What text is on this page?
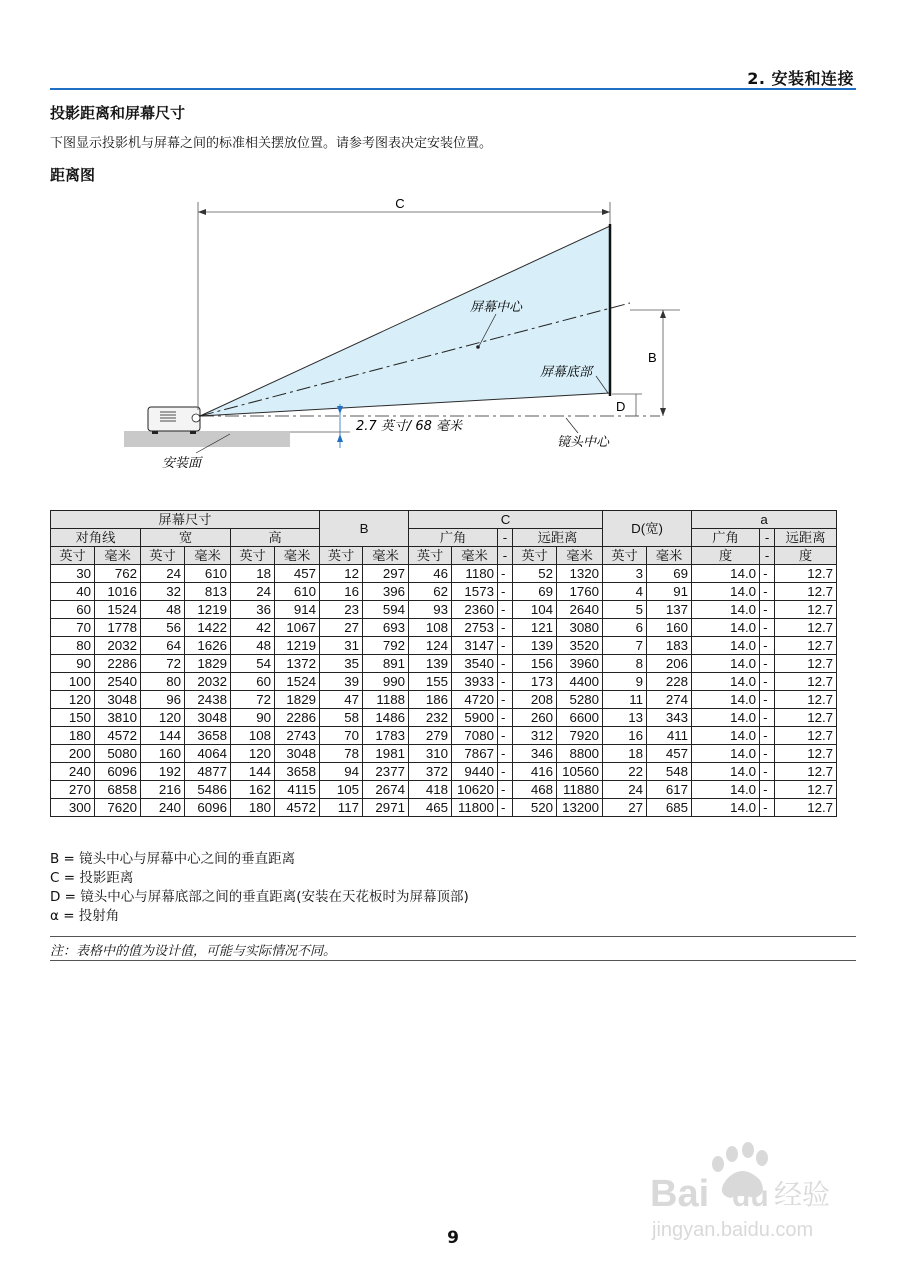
2. 安装和连接
投影距离和屏幕尺寸
下图显示投影机与屏幕之间的标准相关摆放位置。请参考图表决定安装位置。
距离图
C
B
D
屏幕中心
屏幕底部
2.7 英寸/ 68 毫米
镜头中心
安装面
屏幕尺寸						B		C					D(宽)		a		
对角线		宽		高				广角		-	远距离				广角	-	远距离
英寸	毫米	英寸	毫米	英寸	毫米	英寸	毫米	英寸	毫米	-	英寸	毫米	英寸	毫米	度	-	度
30	762	24	610	18	457	12	297	46	1180	-	52	1320	3	69	14.0	-	12.7
40	1016	32	813	24	610	16	396	62	1573	-	69	1760	4	91	14.0	-	12.7
60	1524	48	1219	36	914	23	594	93	2360	-	104	2640	5	137	14.0	-	12.7
70	1778	56	1422	42	1067	27	693	108	2753	-	121	3080	6	160	14.0	-	12.7
80	2032	64	1626	48	1219	31	792	124	3147	-	139	3520	7	183	14.0	-	12.7
90	2286	72	1829	54	1372	35	891	139	3540	-	156	3960	8	206	14.0	-	12.7
100	2540	80	2032	60	1524	39	990	155	3933	-	173	4400	9	228	14.0	-	12.7
120	3048	96	2438	72	1829	47	1188	186	4720	-	208	5280	11	274	14.0	-	12.7
150	3810	120	3048	90	2286	58	1486	232	5900	-	260	6600	13	343	14.0	-	12.7
180	4572	144	3658	108	2743	70	1783	279	7080	-	312	7920	16	411	14.0	-	12.7
200	5080	160	4064	120	3048	78	1981	310	7867	-	346	8800	18	457	14.0	-	12.7
240	6096	192	4877	144	3658	94	2377	372	9440	-	416	10560	22	548	14.0	-	12.7
270	6858	216	5486	162	4115	105	2674	418	10620	-	468	11880	24	617	14.0	-	12.7
300	7620	240	6096	180	4572	117	2971	465	11800	-	520	13200	27	685	14.0	-	12.7
B = 镜头中心与屏幕中心之间的垂直距离
C = 投影距离
D = 镜头中心与屏幕底部之间的垂直距离(安装在天花板时为屏幕顶部)
α = 投射角
注：表格中的值为设计值，可能与实际情况不同。
9
Bai du 经验
jingyan.baidu.com
